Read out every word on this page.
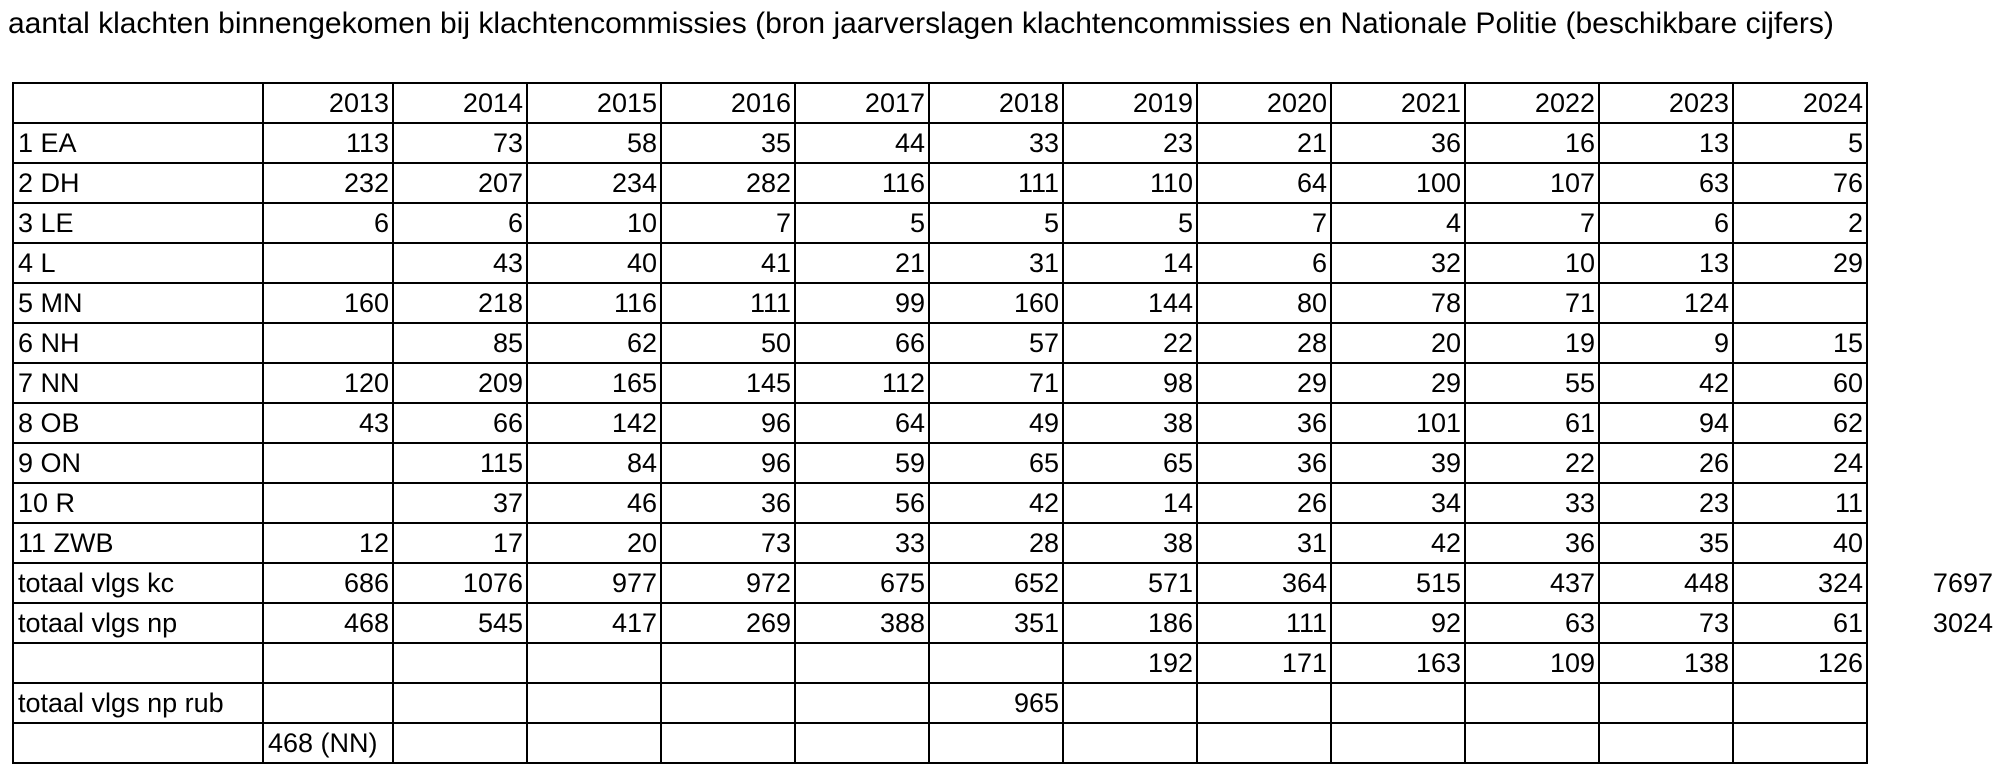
aantal klachten binnengekomen bij klachtencommissies (bron jaarverslagen klachtencommissies en Nationale Politie (beschikbare cijfers)
	2013	2014	2015	2016	2017	2018	2019	2020	2021	2022	2023	2024	
1 EA	113	73	58	35	44	33	23	21	36	16	13	5	
2 DH	232	207	234	282	116	111	110	64	100	107	63	76	
3 LE	6	6	10	7	5	5	5	7	4	7	6	2	
4 L		43	40	41	21	31	14	6	32	10	13	29	
5 MN	160	218	116	111	99	160	144	80	78	71	124		
6 NH		85	62	50	66	57	22	28	20	19	9	15	
7 NN	120	209	165	145	112	71	98	29	29	55	42	60	
8 OB	43	66	142	96	64	49	38	36	101	61	94	62	
9 ON		115	84	96	59	65	65	36	39	22	26	24	
10 R		37	46	36	56	42	14	26	34	33	23	11	
11 ZWB	12	17	20	73	33	28	38	31	42	36	35	40	
totaal vlgs kc	686	1076	977	972	675	652	571	364	515	437	448	324	7697
totaal vlgs np	468	545	417	269	388	351	186	111	92	63	73	61	3024
							192	171	163	109	138	126	
totaal vlgs np rub						965							
	468 (NN)												
